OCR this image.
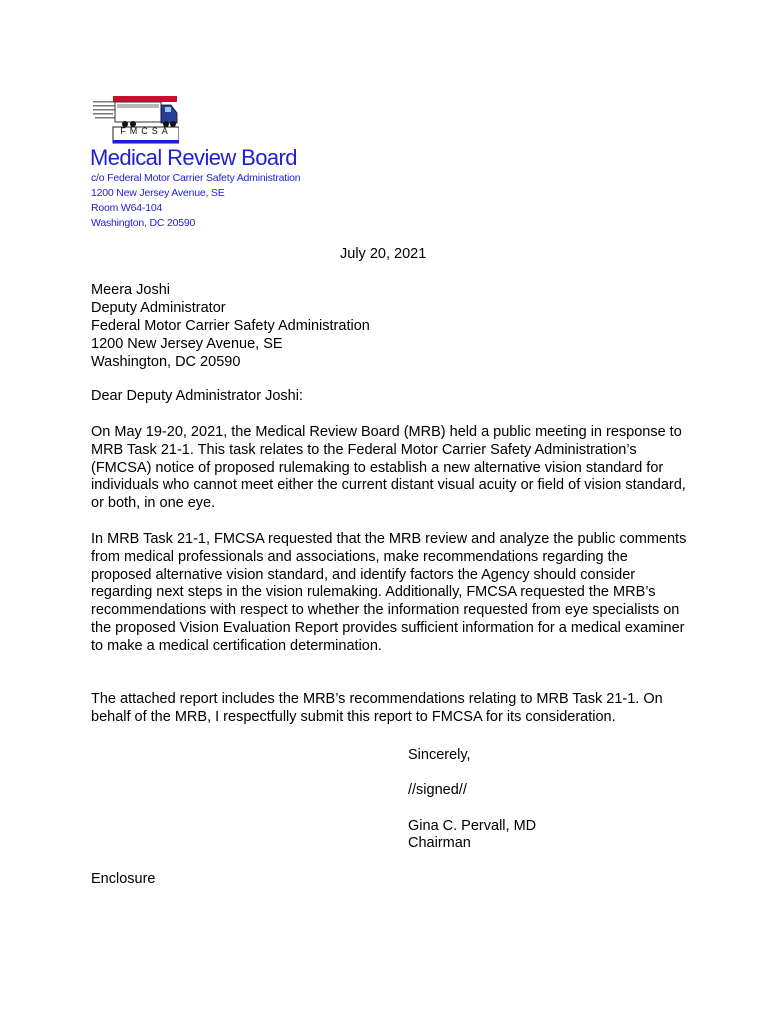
FMCSA
Medical Review Board
c/o Federal Motor Carrier Safety Administration
1200 New Jersey Avenue, SE
Room W64-104
Washington, DC 20590
July 20, 2021
Meera Joshi
Deputy Administrator
Federal Motor Carrier Safety Administration
1200 New Jersey Avenue, SE
Washington, DC 20590
Dear Deputy Administrator Joshi:

On May 19-20, 2021, the Medical Review Board (MRB) held a public meeting in response to MRB Task 21-1. This task relates to the Federal Motor Carrier Safety Administration’s (FMCSA) notice of proposed rulemaking to establish a new alternative vision standard for individuals who cannot meet either the current distant visual acuity or field of vision standard, or both, in one eye.

In MRB Task 21-1, FMCSA requested that the MRB review and analyze the public comments from medical professionals and associations, make recommendations regarding the proposed alternative vision standard, and identify factors the Agency should consider regarding next steps in the vision rulemaking. Additionally, FMCSA requested the MRB’s recommendations with respect to whether the information requested from eye specialists on the proposed Vision Evaluation Report provides sufficient information for a medical examiner to make a medical certification determination.

The attached report includes the MRB’s recommendations relating to MRB Task 21-1. On behalf of the MRB, I respectfully submit this report to FMCSA for its consideration.

Sincerely,
//signed//
Gina C. Pervall, MD
Chairman
Enclosure
